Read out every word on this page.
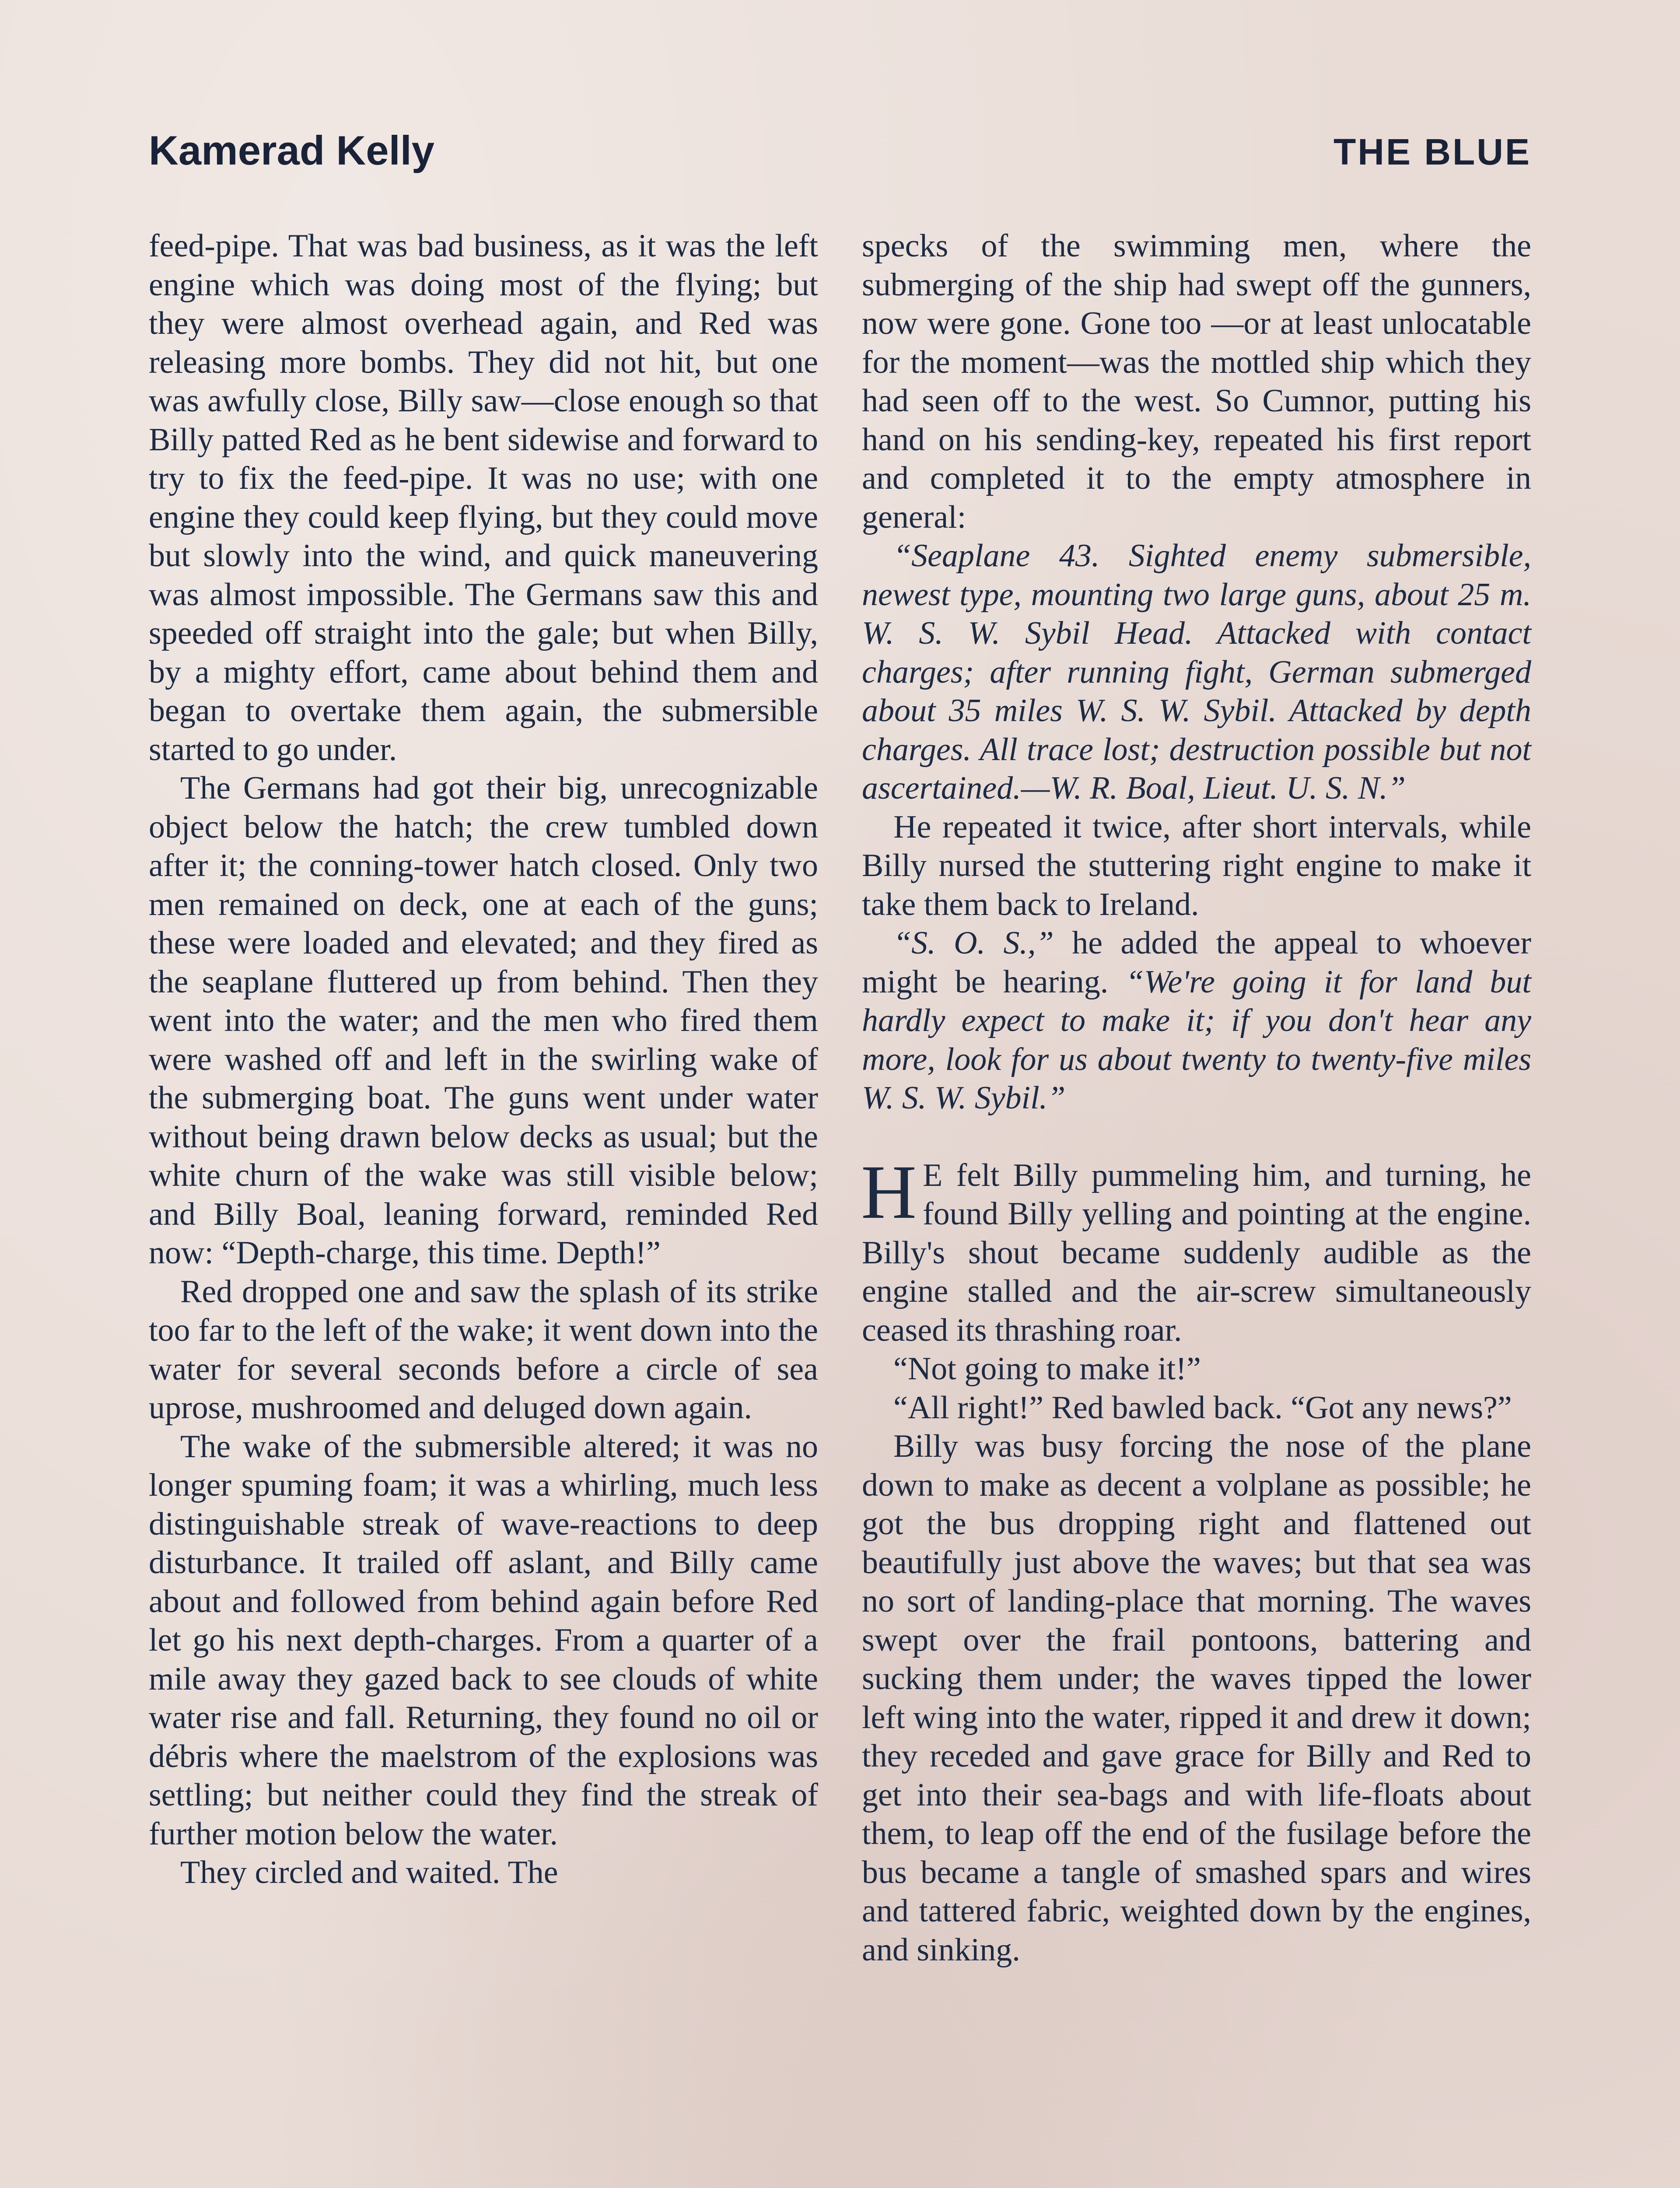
Kamerad Kelly	THE BLUE

feed-pipe. That was bad business, as it was the left engine which was doing most of the flying; but they were almost overhead again, and Red was releasing more bombs. They did not hit, but one was awfully close, Billy saw—close enough so that Billy patted Red as he bent sidewise and forward to try to fix the feed-pipe. It was no use; with one engine they could keep flying, but they could move but slowly into the wind, and quick maneuvering was almost impossible. The Germans saw this and speeded off straight into the gale; but when Billy, by a mighty effort, came about behind them and began to overtake them again, the submersible started to go under.

The Germans had got their big, unrecognizable object below the hatch; the crew tumbled down after it; the conning-tower hatch closed. Only two men remained on deck, one at each of the guns; these were loaded and elevated; and they fired as the seaplane fluttered up from behind. Then they went into the water; and the men who fired them were washed off and left in the swirling wake of the submerging boat. The guns went under water without being drawn below decks as usual; but the white churn of the wake was still visible below; and Billy Boal, leaning forward, reminded Red now: “Depth-charge, this time. Depth!”

Red dropped one and saw the splash of its strike too far to the left of the wake; it went down into the water for several seconds before a circle of sea uprose, mushroomed and deluged down again.

The wake of the submersible altered; it was no longer spuming foam; it was a whirling, much less distinguishable streak of wave-reactions to deep disturbance. It trailed off aslant, and Billy came about and followed from behind again before Red let go his next depth-charges. From a quarter of a mile away they gazed back to see clouds of white water rise and fall. Returning, they found no oil or débris where the maelstrom of the explosions was settling; but neither could they find the streak of further motion below the water.

They circled and waited. The

specks of the swimming men, where the submerging of the ship had swept off the gunners, now were gone. Gone too —or at least unlocatable for the moment—was the mottled ship which they had seen off to the west. So Cumnor, putting his hand on his sending-key, repeated his first report and completed it to the empty atmosphere in general:

“Seaplane 43. Sighted enemy submersible, newest type, mounting two large guns, about 25 m. W. S. W. Sybil Head. Attacked with contact charges; after running fight, German submerged about 35 miles W. S. W. Sybil. Attacked by depth charges. All trace lost; destruction possible but not ascertained.—W. R. Boal, Lieut. U. S. N.”

He repeated it twice, after short intervals, while Billy nursed the stuttering right engine to make it take them back to Ireland.

“S. O. S.,” he added the appeal to whoever might be hearing. “We're going it for land but hardly expect to make it; if you don't hear any more, look for us about twenty to twenty-five miles W. S. W. Sybil.”

H E felt Billy pummeling him, and turning, he found Billy yelling and pointing at the engine. Billy's shout became suddenly audible as the engine stalled and the air-screw simultaneously ceased its thrashing roar.

“Not going to make it!”

“All right!” Red bawled back. “Got any news?”

Billy was busy forcing the nose of the plane down to make as decent a volplane as possible; he got the bus dropping right and flattened out beautifully just above the waves; but that sea was no sort of landing-place that morning. The waves swept over the frail pontoons, battering and sucking them under; the waves tipped the lower left wing into the water, ripped it and drew it down; they receded and gave grace for Billy and Red to get into their sea-bags and with life-floats about them, to leap off the end of the fusilage before the bus became a tangle of smashed spars and wires and tattered fabric, weighted down by the engines, and sinking.
